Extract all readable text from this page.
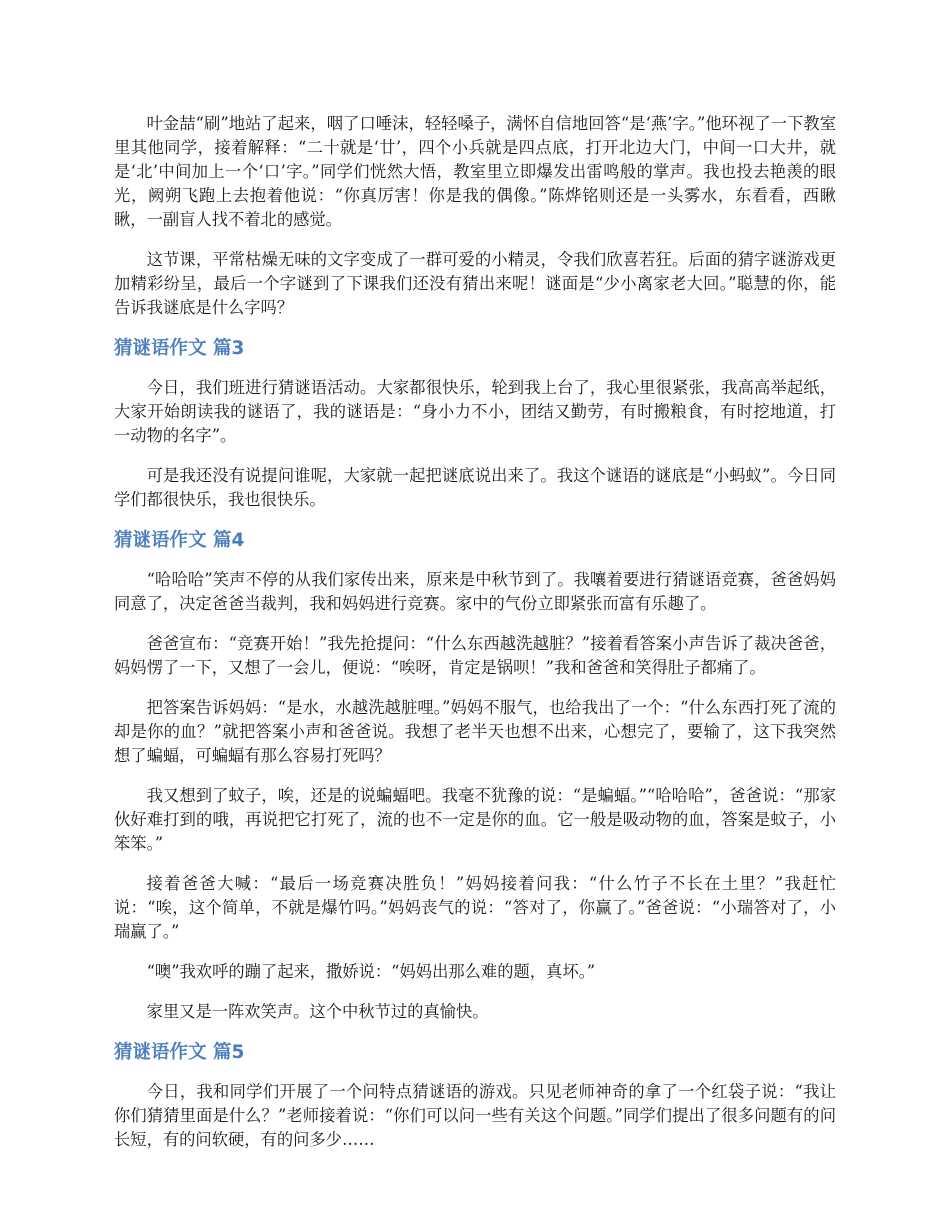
叶金喆“刷”地站了起来，咽了口唾沫，轻轻嗓子，满怀自信地回答“是‘燕’字。”他环视了一下教室里其他同学，接着解释：“二十就是‘廿’，四个小兵就是四点底，打开北边大门，中间一口大井，就是‘北’中间加上一个‘口’字。”同学们恍然大悟，教室里立即爆发出雷鸣般的掌声。我也投去艳羡的眼光，阙朔飞跑上去抱着他说：“你真厉害！你是我的偶像。”陈烨铭则还是一头雾水，东看看，西瞅瞅，一副盲人找不着北的感觉。

这节课，平常枯燥无味的文字变成了一群可爱的小精灵，令我们欣喜若狂。后面的猜字谜游戏更加精彩纷呈，最后一个字谜到了下课我们还没有猜出来呢！谜面是“少小离家老大回。”聪慧的你，能告诉我谜底是什么字吗？

猜谜语作文 篇3

今日，我们班进行猜谜语活动。大家都很快乐，轮到我上台了，我心里很紧张，我高高举起纸，大家开始朗读我的谜语了，我的谜语是：“身小力不小，团结又勤劳，有时搬粮食，有时挖地道，打一动物的名字”。

可是我还没有说提问谁呢，大家就一起把谜底说出来了。我这个谜语的谜底是“小蚂蚁”。今日同学们都很快乐，我也很快乐。

猜谜语作文 篇4

“哈哈哈”笑声不停的从我们家传出来，原来是中秋节到了。我嚷着要进行猜谜语竞赛，爸爸妈妈同意了，决定爸爸当裁判，我和妈妈进行竞赛。家中的气份立即紧张而富有乐趣了。

爸爸宣布：“竞赛开始！”我先抢提问：“什么东西越洗越脏？”接着看答案小声告诉了裁决爸爸，妈妈愣了一下，又想了一会儿，便说：“唉呀，肯定是锅呗！”我和爸爸和笑得肚子都痛了。

把答案告诉妈妈：“是水，水越洗越脏哩。”妈妈不服气，也给我出了一个：“什么东西打死了流的却是你的血？”就把答案小声和爸爸说。我想了老半天也想不出来，心想完了，要输了，这下我突然想了蝙蝠，可蝙蝠有那么容易打死吗？

我又想到了蚊子，唉，还是的说蝙蝠吧。我毫不犹豫的说：“是蝙蝠。”“哈哈哈”，爸爸说：“那家伙好难打到的哦，再说把它打死了，流的也不一定是你的血。它一般是吸动物的血，答案是蚊子，小笨笨。”

接着爸爸大喊：“最后一场竞赛决胜负！”妈妈接着问我：“什么竹子不长在土里？”我赶忙说：“唉，这个简单，不就是爆竹吗。”妈妈丧气的说：“答对了，你赢了。”爸爸说：“小瑞答对了，小瑞赢了。”

“噢”我欢呼的蹦了起来，撒娇说：“妈妈出那么难的题，真坏。”

家里又是一阵欢笑声。这个中秋节过的真愉快。

猜谜语作文 篇5

今日，我和同学们开展了一个问特点猜谜语的游戏。只见老师神奇的拿了一个红袋子说：“我让你们猜猜里面是什么？”老师接着说：“你们可以问一些有关这个问题。”同学们提出了很多问题有的问长短，有的问软硬，有的问多少……
